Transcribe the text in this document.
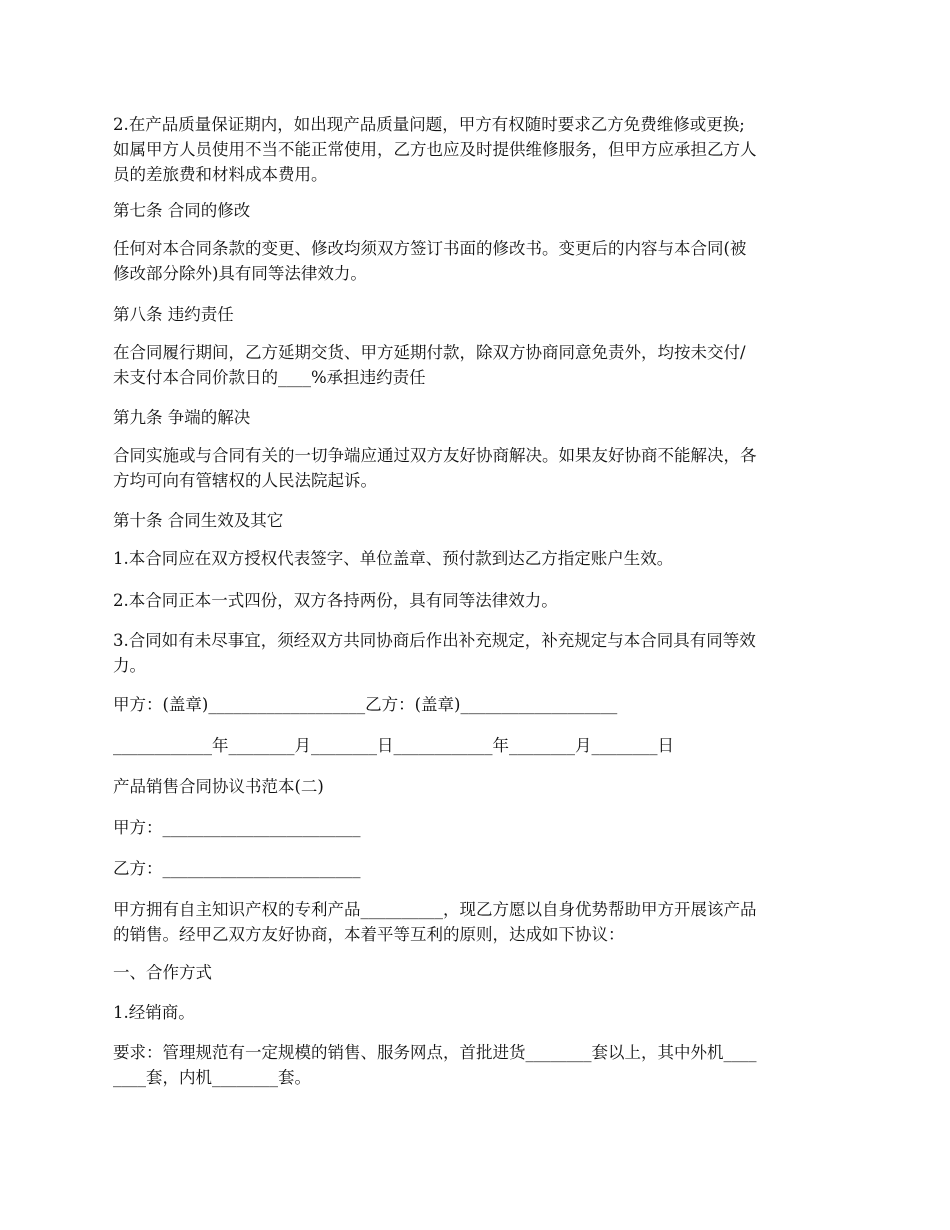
2.在产品质量保证期内，如出现产品质量问题，甲方有权随时要求乙方免费维修或更换;
如属甲方人员使用不当不能正常使用，乙方也应及时提供维修服务，但甲方应承担乙方人
员的差旅费和材料成本费用。

第七条 合同的修改

任何对本合同条款的变更、修改均须双方签订书面的修改书。变更后的内容与本合同(被
修改部分除外)具有同等法律效力。

第八条 违约责任

在合同履行期间，乙方延期交货、甲方延期付款，除双方协商同意免责外，均按未交付/
未支付本合同价款日的____%承担违约责任

第九条 争端的解决

合同实施或与合同有关的一切争端应通过双方友好协商解决。如果友好协商不能解决，各
方均可向有管辖权的人民法院起诉。

第十条 合同生效及其它

1.本合同应在双方授权代表签字、单位盖章、预付款到达乙方指定账户生效。

2.本合同正本一式四份，双方各持两份，具有同等法律效力。

3.合同如有未尽事宜，须经双方共同协商后作出补充规定，补充规定与本合同具有同等效
力。

甲方：(盖章)___________________乙方：(盖章)___________________

____________年________月________日____________年________月________日

产品销售合同协议书范本(二)

甲方：________________________

乙方：________________________

甲方拥有自主知识产权的专利产品__________，现乙方愿以自身优势帮助甲方开展该产品
的销售。经甲乙双方友好协商，本着平等互利的原则，达成如下协议：

一、合作方式

1.经销商。

要求：管理规范有一定规模的销售、服务网点，首批进货________套以上，其中外机____
____套，内机________套。
